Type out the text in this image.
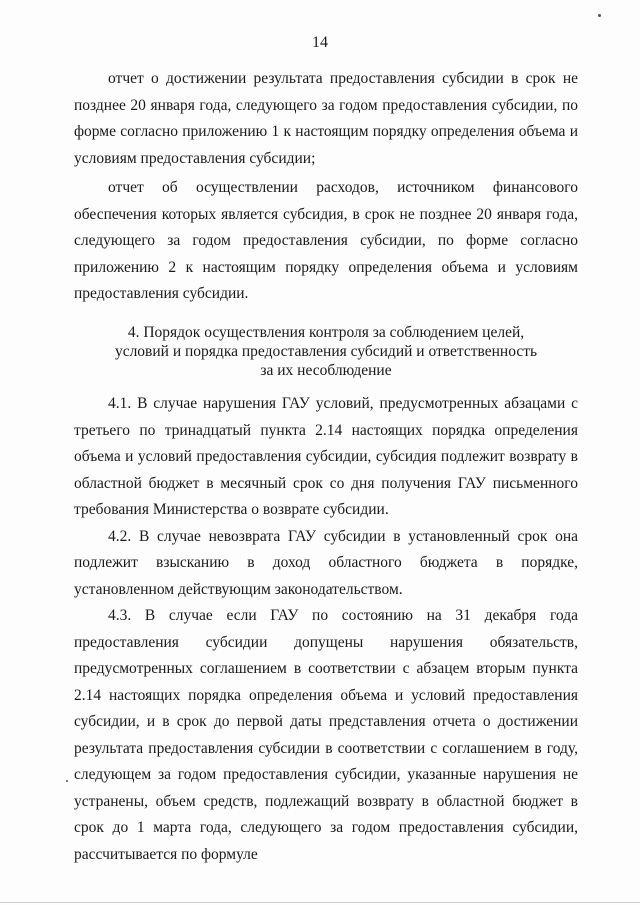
14

отчет о достижении результата предоставления субсидии в срок не позднее 20 января года, следующего за годом предоставления субсидии, по форме согласно приложению 1 к настоящим порядку определения объема и условиям предоставления субсидии;

отчет об осуществлении расходов, источником финансового обеспечения которых является субсидия, в срок не позднее 20 января года, следующего за годом предоставления субсидии, по форме согласно приложению 2 к настоящим порядку определения объема и условиям предоставления субсидии.

4. Порядок осуществления контроля за соблюдением целей,
условий и порядка предоставления субсидий и ответственность
за их несоблюдение

4.1. В случае нарушения ГАУ условий, предусмотренных абзацами с третьего по тринадцатый пункта 2.14 настоящих порядка определения объема и условий предоставления субсидии, субсидия подлежит возврату в областной бюджет в месячный срок со дня получения ГАУ письменного требования Министерства о возврате субсидии.

4.2. В случае невозврата ГАУ субсидии в установленный срок она подлежит взысканию в доход областного бюджета в порядке, установленном действующим законодательством.

4.3. В случае если ГАУ по состоянию на 31 декабря года предоставления субсидии допущены нарушения обязательств, предусмотренных соглашением в соответствии с абзацем вторым пункта 2.14 настоящих порядка определения объема и условий предоставления субсидии, и в срок до первой даты представления отчета о достижении результата предоставления субсидии в соответствии с соглашением в году, следующем за годом предоставления субсидии, указанные нарушения не устранены, объем средств, подлежащий возврату в областной бюджет в срок до 1 марта года, следующего за годом предоставления субсидии, рассчитывается по формуле
